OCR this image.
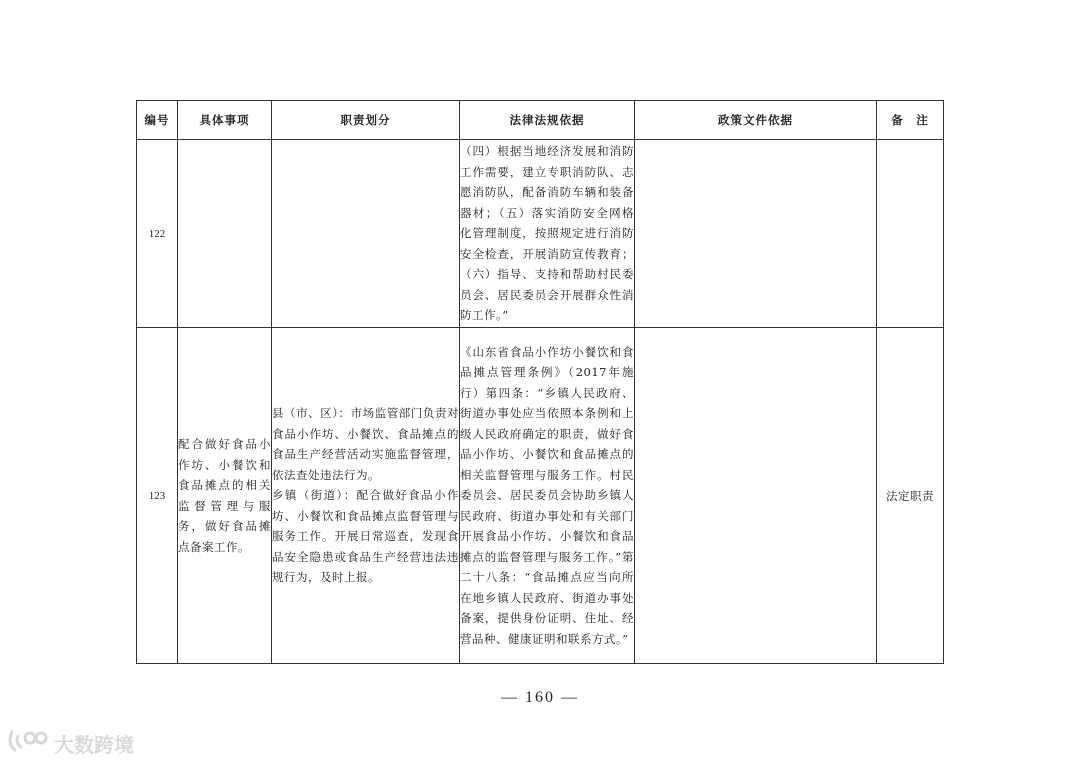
编号	具体事项	职责划分	法律法规依据	政策文件依据	备　注
122			（四）根据当地经济发展和消防工作需要，建立专职消防队、志愿消防队，配备消防车辆和装备器材；（五）落实消防安全网格化管理制度，按照规定进行消防安全检查，开展消防宣传教育；（六）指导、支持和帮助村民委员会、居民委员会开展群众性消防工作。”		
123	配合做好食品小作坊、小餐饮和食品摊点的相关监督管理与服务，做好食品摊点备案工作。	县（市、区）：市场监管部门负责对食品小作坊、小餐饮、食品摊点的食品生产经营活动实施监督管理，依法查处违法行为。
乡镇（街道）：配合做好食品小作坊、小餐饮和食品摊点监督管理与服务工作。开展日常巡查，发现食品安全隐患或食品生产经营违法违规行为，及时上报。	《山东省食品小作坊小餐饮和食品摊点管理条例》（2017年施行）第四条：“乡镇人民政府、街道办事处应当依照本条例和上级人民政府确定的职责，做好食品小作坊、小餐饮和食品摊点的相关监督管理与服务工作。村民委员会、居民委员会协助乡镇人民政府、街道办事处和有关部门开展食品小作坊、小餐饮和食品摊点的监督管理与服务工作。”第二十八条：“食品摊点应当向所在地乡镇人民政府、街道办事处备案，提供身份证明、住址、经营品种、健康证明和联系方式。”		法定职责
— 160 —
大数跨境
